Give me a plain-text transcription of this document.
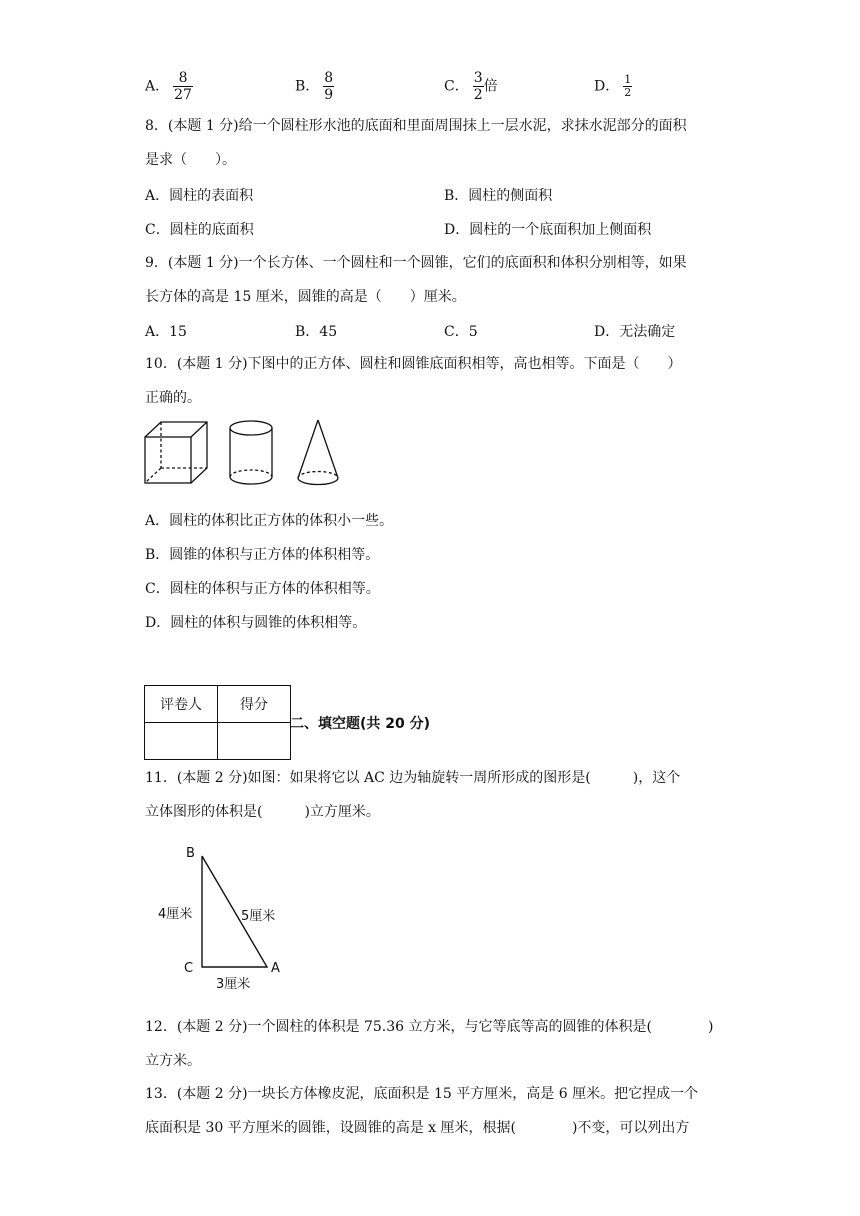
A． $\frac{8}{27}$	B． $\frac{8}{9}$	C． $\frac{3}{2}$ 倍	D． $\frac{1}{2}$
8．(本题 1 分)给一个圆柱形水池的底面和里面周围抹上一层水泥，求抹水泥部分的面积
是求（　　）。
A．圆柱的表面积	B．圆柱的侧面积
C．圆柱的底面积	D．圆柱的一个底面积加上侧面积
9．(本题 1 分)一个长方体、一个圆柱和一个圆锥，它们的底面积和体积分别相等，如果
长方体的高是 15 厘米，圆锥的高是（　　）厘米。
A．15	B．45	C．5	D．无法确定
10．(本题 1 分)下图中的正方体、圆柱和圆锥底面积相等，高也相等。下面是（　　）
正确的。
A．圆柱的体积比正方体的体积小一些。
B．圆锥的体积与正方体的体积相等。
C．圆柱的体积与正方体的体积相等。
D．圆柱的体积与圆锥的体积相等。
评卷人	得分

二、填空题(共 20 分)
11．(本题 2 分)如图：如果将它以 AC 边为轴旋转一周所形成的图形是(　　　)，这个
立体图形的体积是(　　　)立方厘米。
B
C	A
4厘米	5厘米
3厘米
12．(本题 2 分)一个圆柱的体积是 75.36 立方米，与它等底等高的圆锥的体积是(　　　　)
立方米。
13．(本题 2 分)一块长方体橡皮泥，底面积是 15 平方厘米，高是 6 厘米。把它捏成一个
底面积是 30 平方厘米的圆锥，设圆锥的高是 x 厘米，根据(　　　　)不变，可以列出方
